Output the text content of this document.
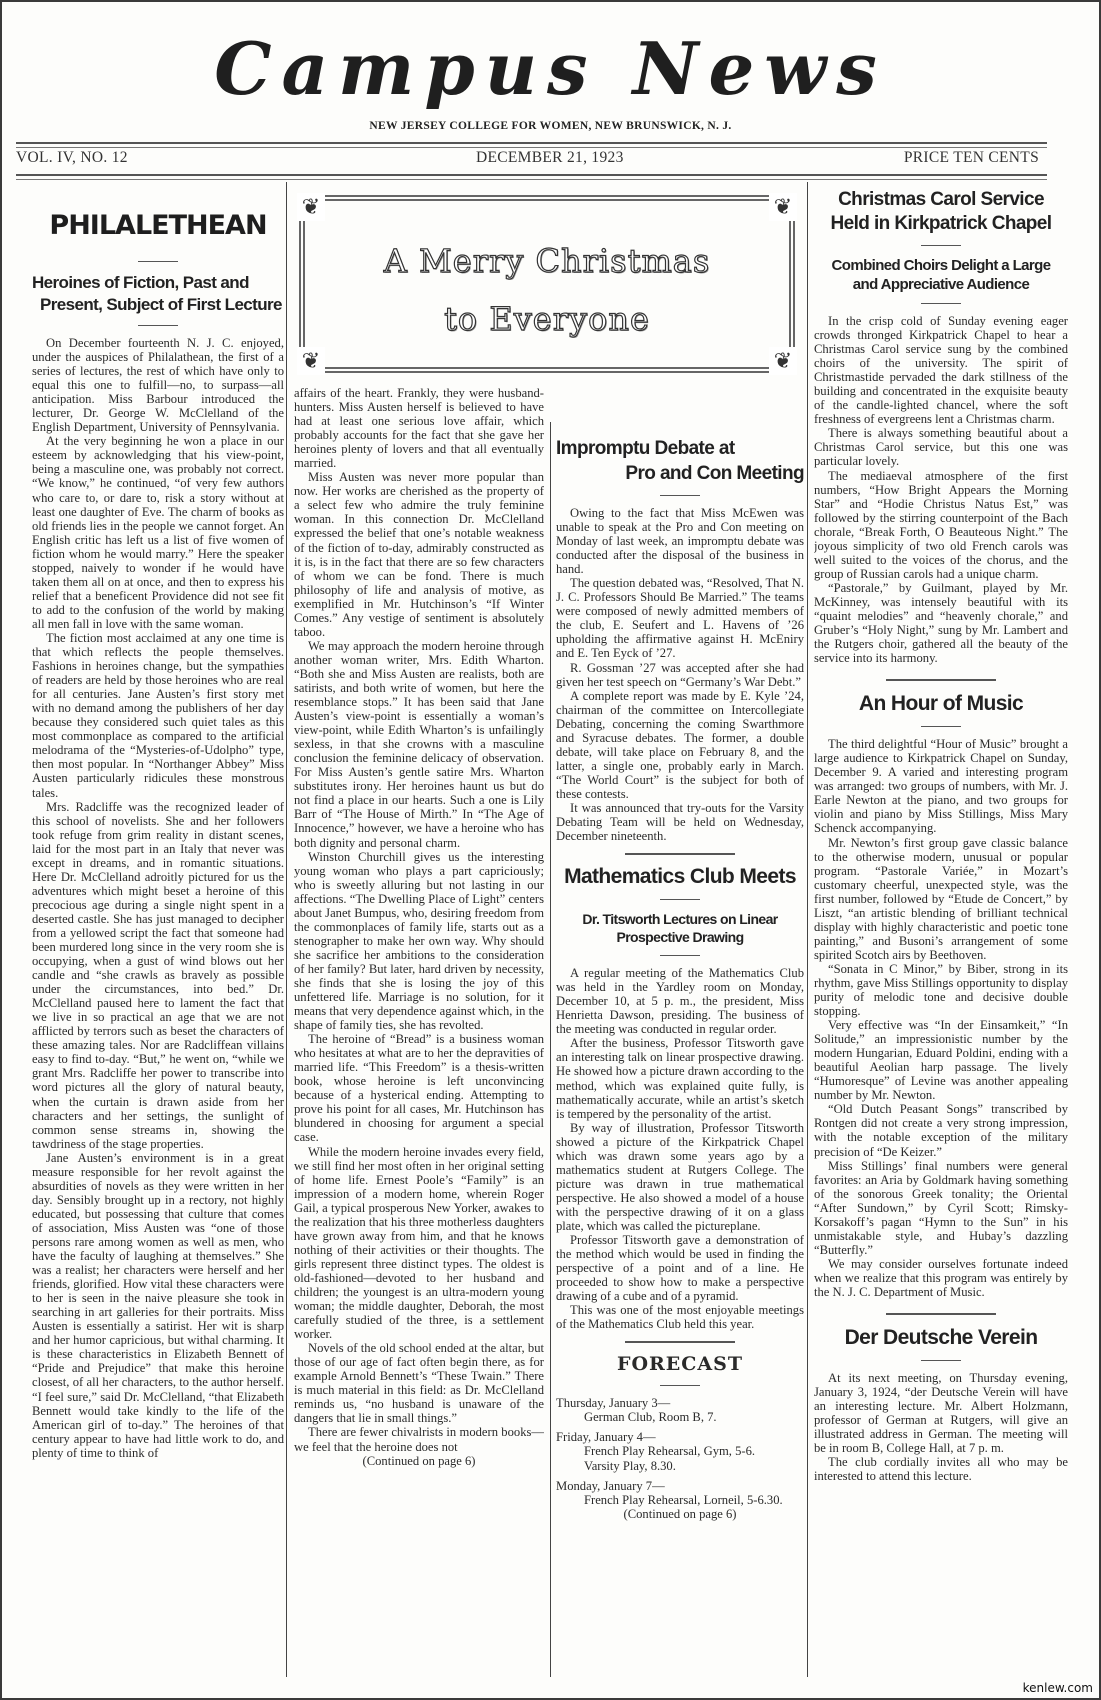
Campus News
NEW JERSEY COLLEGE FOR WOMEN, NEW BRUNSWICK, N. J.
VOL. IV, NO. 12	DECEMBER 21, 1923	PRICE TEN CENTS
❦	❦
❦	❦
A Merry Christmas
to Everyone
PHILALETHEAN
Heroines of Fiction, Past and
Present, Subject of First Lecture

On December fourteenth N. J. C. enjoyed, under the auspices of Philalathean, the first of a series of lectures, the rest of which have only to equal this one to fulfill—no, to surpass—all anticipation. Miss Barbour introduced the lecturer, Dr. George W. McClelland of the English Department, University of Pennsylvania.

At the very beginning he won a place in our esteem by acknowledging that his view-point, being a masculine one, was probably not correct. “We know,” he continued, “of very few authors who care to, or dare to, risk a story without at least one daughter of Eve. The charm of books as old friends lies in the people we cannot forget. An English critic has left us a list of five women of fiction whom he would marry.” Here the speaker stopped, naively to wonder if he would have taken them all on at once, and then to express his relief that a beneficent Providence did not see fit to add to the confusion of the world by making all men fall in love with the same woman.

The fiction most acclaimed at any one time is that which reflects the people themselves. Fashions in heroines change, but the sympathies of readers are held by those heroines who are real for all centuries. Jane Austen’s first story met with no demand among the publishers of her day because they considered such quiet tales as this most commonplace as compared to the artificial melodrama of the “Mysteries-of-Udolpho” type, then most popular. In “Northanger Abbey” Miss Austen particularly ridicules these monstrous tales.

Mrs. Radcliffe was the recognized leader of this school of novelists. She and her followers took refuge from grim reality in distant scenes, laid for the most part in an Italy that never was except in dreams, and in romantic situations. Here Dr. McClelland adroitly pictured for us the adventures which might beset a heroine of this precocious age during a single night spent in a deserted castle. She has just managed to decipher from a yellowed script the fact that someone had been murdered long since in the very room she is occupying, when a gust of wind blows out her candle and “she crawls as bravely as possible under the circumstances, into bed.” Dr. McClelland paused here to lament the fact that we live in so practical an age that we are not afflicted by terrors such as beset the characters of these amazing tales. Nor are Radcliffean villains easy to find to-day. “But,” he went on, “while we grant Mrs. Radcliffe her power to transcribe into word pictures all the glory of natural beauty, when the curtain is drawn aside from her characters and her settings, the sunlight of common sense streams in, showing the tawdriness of the stage properties.

Jane Austen’s environment is in a great measure responsible for her revolt against the absurdities of novels as they were written in her day. Sensibly brought up in a rectory, not highly educated, but possessing that culture that comes of association, Miss Austen was “one of those persons rare among women as well as men, who have the faculty of laughing at themselves.” She was a realist; her characters were herself and her friends, glorified. How vital these characters were to her is seen in the naive pleasure she took in searching in art galleries for their portraits. Miss Austen is essentially a satirist. Her wit is sharp and her humor capricious, but withal charming. It is these characteristics in Elizabeth Bennett of “Pride and Prejudice” that make this heroine closest, of all her characters, to the author herself. “I feel sure,” said Dr. McClelland, “that Elizabeth Bennett would take kindly to the life of the American girl of to-day.” The heroines of that century appear to have had little work to do, and plenty of time to think of

affairs of the heart. Frankly, they were husband-hunters. Miss Austen herself is believed to have had at least one serious love affair, which probably accounts for the fact that she gave her heroines plenty of lovers and that all eventually married.

Miss Austen was never more popular than now. Her works are cherished as the property of a select few who admire the truly feminine woman. In this connection Dr. McClelland expressed the belief that one’s notable weakness of the fiction of to-day, admirably constructed as it is, is in the fact that there are so few characters of whom we can be fond. There is much philosophy of life and analysis of motive, as exemplified in Mr. Hutchinson’s “If Winter Comes.” Any vestige of sentiment is absolutely taboo.

We may approach the modern heroine through another woman writer, Mrs. Edith Wharton. “Both she and Miss Austen are realists, both are satirists, and both write of women, but here the resemblance stops.” It has been said that Jane Austen’s view-point is essentially a woman’s view-point, while Edith Wharton’s is unfailingly sexless, in that she crowns with a masculine conclusion the feminine delicacy of observation. For Miss Austen’s gentle satire Mrs. Wharton substitutes irony. Her heroines haunt us but do not find a place in our hearts. Such a one is Lily Barr of “The House of Mirth.” In “The Age of Innocence,” however, we have a heroine who has both dignity and personal charm.

Winston Churchill gives us the interesting young woman who plays a part capriciously; who is sweetly alluring but not lasting in our affections. “The Dwelling Place of Light” centers about Janet Bumpus, who, desiring freedom from the commonplaces of family life, starts out as a stenographer to make her own way. Why should she sacrifice her ambitions to the consideration of her family? But later, hard driven by necessity, she finds that she is losing the joy of this unfettered life. Marriage is no solution, for it means that very dependence against which, in the shape of family ties, she has revolted.

The heroine of “Bread” is a business woman who hesitates at what are to her the depravities of married life. “This Freedom” is a thesis-written book, whose heroine is left unconvincing because of a hysterical ending. Attempting to prove his point for all cases, Mr. Hutchinson has blundered in choosing for argument a special case.

While the modern heroine invades every field, we still find her most often in her original setting of home life. Ernest Poole’s “Family” is an impression of a modern home, wherein Roger Gail, a typical prosperous New Yorker, awakes to the realization that his three motherless daughters have grown away from him, and that he knows nothing of their activities or their thoughts. The girls represent three distinct types. The oldest is old-fashioned—devoted to her husband and children; the youngest is an ultra-modern young woman; the middle daughter, Deborah, the most carefully studied of the three, is a settlement worker.

Novels of the old school ended at the altar, but those of our age of fact often begin there, as for example Arnold Bennett’s “These Twain.” There is much material in this field: as Dr. McClelland reminds us, “no husband is unaware of the dangers that lie in small things.”

There are fewer chivalrists in modern books—we feel that the heroine does not

(Continued on page 6)

Impromptu Debate at
Pro and Con Meeting

Owing to the fact that Miss McEwen was unable to speak at the Pro and Con meeting on Monday of last week, an impromptu debate was conducted after the disposal of the business in hand.

The question debated was, “Resolved, That N. J. C. Professors Should Be Married.” The teams were composed of newly admitted members of the club, E. Seufert and L. Havens of ’26 upholding the affirmative against H. McEniry and E. Ten Eyck of ’27.

R. Gossman ’27 was accepted after she had given her test speech on “Germany’s War Debt.”

A complete report was made by E. Kyle ’24, chairman of the committee on Intercollegiate Debating, concerning the coming Swarthmore and Syracuse debates. The former, a double debate, will take place on February 8, and the latter, a single one, probably early in March. “The World Court” is the subject for both of these contests.

It was announced that try-outs for the Varsity Debating Team will be held on Wednesday, December nineteenth.

Mathematics Club Meets
Dr. Titsworth Lectures on Linear Prospective Drawing

A regular meeting of the Mathematics Club was held in the Yardley room on Monday, December 10, at 5 p. m., the president, Miss Henrietta Dawson, presiding. The business of the meeting was conducted in regular order.

After the business, Professor Titsworth gave an interesting talk on linear prospective drawing. He showed how a picture drawn according to the method, which was explained quite fully, is mathematically accurate, while an artist’s sketch is tempered by the personality of the artist.

By way of illustration, Professor Titsworth showed a picture of the Kirkpatrick Chapel which was drawn some years ago by a mathematics student at Rutgers College. The picture was drawn in true mathematical perspective. He also showed a model of a house with the perspective drawing of it on a glass plate, which was called the pictureplane.

Professor Titsworth gave a demonstration of the method which would be used in finding the perspective of a point and of a line. He proceeded to show how to make a perspective drawing of a cube and of a pyramid.

This was one of the most enjoyable meetings of the Mathematics Club held this year.

FORECAST

Thursday, January 3—

German Club, Room B, 7.

Friday, January 4—

French Play Rehearsal, Gym, 5-6.

Varsity Play, 8.30.

Monday, January 7—

French Play Rehearsal, Lorneil, 5-6.30.

(Continued on page 6)

Christmas Carol Service
Held in Kirkpatrick Chapel
Combined Choirs Delight a Large
and Appreciative Audience

In the crisp cold of Sunday evening eager crowds thronged Kirkpatrick Chapel to hear a Christmas Carol service sung by the combined choirs of the university. The spirit of Christmastide pervaded the dark stillness of the building and concentrated in the exquisite beauty of the candle-lighted chancel, where the soft freshness of evergreens lent a Christmas charm.

There is always something beautiful about a Christmas Carol service, but this one was particular lovely.

The mediaeval atmosphere of the first numbers, “How Bright Appears the Morning Star” and “Hodie Christus Natus Est,” was followed by the stirring counterpoint of the Bach chorale, “Break Forth, O Beauteous Night.” The joyous simplicity of two old French carols was well suited to the voices of the chorus, and the group of Russian carols had a unique charm.

“Pastorale,” by Guilmant, played by Mr. McKinney, was intensely beautiful with its “quaint melodies” and “heavenly chorale,” and Gruber’s “Holy Night,” sung by Mr. Lambert and the Rutgers choir, gathered all the beauty of the service into its harmony.

An Hour of Music

The third delightful “Hour of Music” brought a large audience to Kirkpatrick Chapel on Sunday, December 9. A varied and interesting program was arranged: two groups of numbers, with Mr. J. Earle Newton at the piano, and two groups for violin and piano by Miss Stillings, Miss Mary Schenck accompanying.

Mr. Newton’s first group gave classic balance to the otherwise modern, unusual or popular program. “Pastorale Variée,” in Mozart’s customary cheerful, unexpected style, was the first number, followed by “Etude de Concert,” by Liszt, “an artistic blending of brilliant technical display with highly characteristic and poetic tone painting,” and Busoni’s arrangement of some spirited Scotch airs by Beethoven.

“Sonata in C Minor,” by Biber, strong in its rhythm, gave Miss Stillings opportunity to display purity of melodic tone and decisive double stopping.

Very effective was “In der Einsamkeit,” “In Solitude,” an impressionistic number by the modern Hungarian, Eduard Poldini, ending with a beautiful Aeolian harp passage. The lively “Humoresque” of Levine was another appealing number by Mr. Newton.

“Old Dutch Peasant Songs” transcribed by Rontgen did not create a very strong impression, with the notable exception of the military precision of “De Keizer.”

Miss Stillings’ final numbers were general favorites: an Aria by Goldmark having something of the sonorous Greek tonality; the Oriental “After Sundown,” by Cyril Scott; Rimsky-Korsakoff’s pagan “Hymn to the Sun” in his unmistakable style, and Hubay’s dazzling “Butterfly.”

We may consider ourselves fortunate indeed when we realize that this program was entirely by the N. J. C. Department of Music.

Der Deutsche Verein

At its next meeting, on Thursday evening, January 3, 1924, “der Deutsche Verein will have an interesting lecture. Mr. Albert Holzmann, professor of German at Rutgers, will give an illustrated address in German. The meeting will be in room B, College Hall, at 7 p. m.

The club cordially invites all who may be interested to attend this lecture.

kenlew.com
